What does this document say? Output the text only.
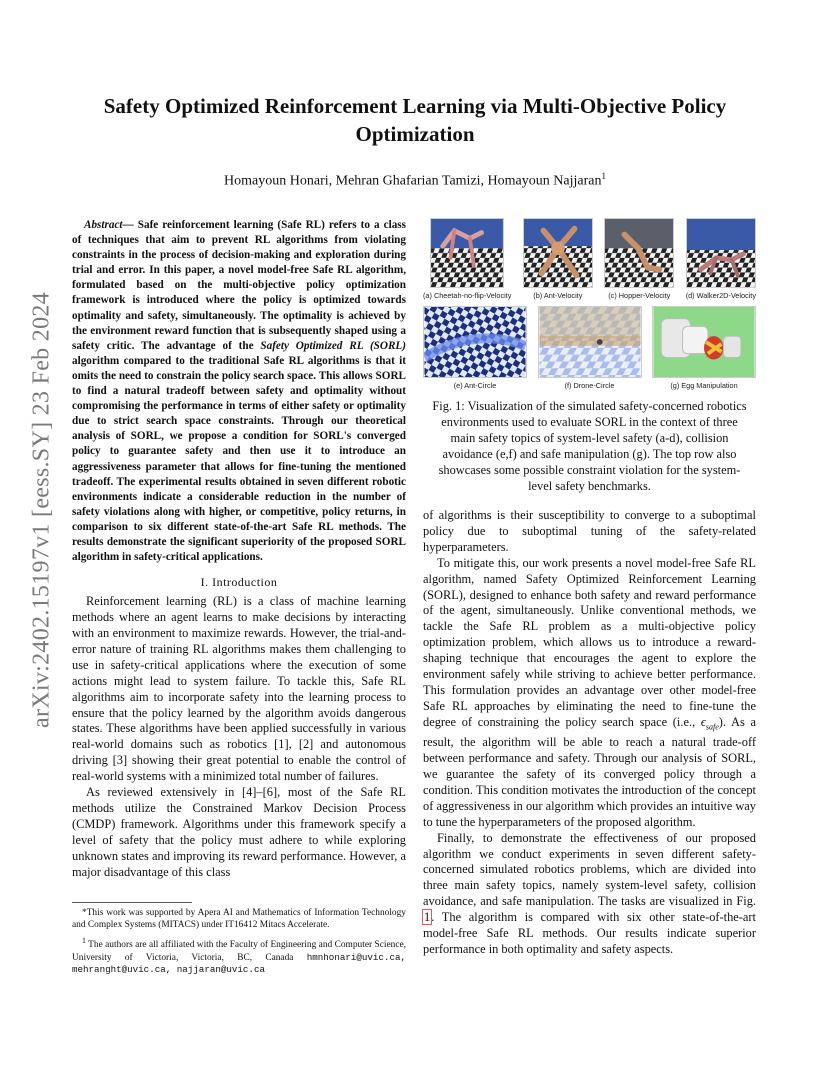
arXiv:2402.15197v1 [eess.SY] 23 Feb 2024
Safety Optimized Reinforcement Learning via Multi-Objective Policy Optimization
Homayoun Honari, Mehran Ghafarian Tamizi, Homayoun Najjaran$^1$

Abstract— Safe reinforcement learning (Safe RL) refers to a class of techniques that aim to prevent RL algorithms from violating constraints in the process of decision-making and exploration during trial and error. In this paper, a novel model-free Safe RL algorithm, formulated based on the multi-objective policy optimization framework is introduced where the policy is optimized towards optimality and safety, simultaneously. The optimality is achieved by the environment reward function that is subsequently shaped using a safety critic. The advantage of the Safety Optimized RL (SORL) algorithm compared to the traditional Safe RL algorithms is that it omits the need to constrain the policy search space. This allows SORL to find a natural tradeoff between safety and optimality without compromising the performance in terms of either safety or optimality due to strict search space constraints. Through our theoretical analysis of SORL, we propose a condition for SORL's converged policy to guarantee safety and then use it to introduce an aggressiveness parameter that allows for fine-tuning the mentioned tradeoff. The experimental results obtained in seven different robotic environments indicate a considerable reduction in the number of safety violations along with higher, or competitive, policy returns, in comparison to six different state-of-the-art Safe RL methods. The results demonstrate the significant superiority of the proposed SORL algorithm in safety-critical applications.

I. Introduction

Reinforcement learning (RL) is a class of machine learning methods where an agent learns to make decisions by interacting with an environment to maximize rewards. However, the trial-and-error nature of training RL algorithms makes them challenging to use in safety-critical applications where the execution of some actions might lead to system failure. To tackle this, Safe RL algorithms aim to incorporate safety into the learning process to ensure that the policy learned by the algorithm avoids dangerous states. These algorithms have been applied successfully in various real-world domains such as robotics [1], [2] and autonomous driving [3] showing their great potential to enable the control of real-world systems with a minimized total number of failures.

As reviewed extensively in [4]–[6], most of the Safe RL methods utilize the Constrained Markov Decision Process (CMDP) framework. Algorithms under this framework specify a level of safety that the policy must adhere to while exploring unknown states and improving its reward performance. However, a major disadvantage of this class

*This work was supported by Apera AI and Mathematics of Information Technology and Complex Systems (MITACS) under IT16412 Mitacs Accelerate.

$^1$ The authors are all affiliated with the Faculty of Engineering and Computer Science, University of Victoria, Victoria, BC, Canada hmnhonari@uvic.ca, mehranght@uvic.ca, najjaran@uvic.ca

(a) Cheetah-no-flip-Velocity	(b) Ant-Velocity	(c) Hopper-Velocity (d) Walker2D-Velocity
(e) Ant-Circle	(f) Drone-Circle	(g) Egg Manipulation
Fig. 1: Visualization of the simulated safety-concerned robotics environments used to evaluate SORL in the context of three main safety topics of system-level safety (a-d), collision avoidance (e,f) and safe manipulation (g). The top row also showcases some possible constraint violation for the system-level safety benchmarks.

of algorithms is their susceptibility to converge to a suboptimal policy due to suboptimal tuning of the safety-related hyperparameters.

To mitigate this, our work presents a novel model-free Safe RL algorithm, named Safety Optimized Reinforcement Learning (SORL), designed to enhance both safety and reward performance of the agent, simultaneously. Unlike conventional methods, we tackle the Safe RL problem as a multi-objective policy optimization problem, which allows us to introduce a reward-shaping technique that encourages the agent to explore the environment safely while striving to achieve better performance. This formulation provides an advantage over other model-free Safe RL approaches by eliminating the need to fine-tune the degree of constraining the policy search space (i.e., $\epsilon_{safe}$). As a result, the algorithm will be able to reach a natural trade-off between performance and safety. Through our analysis of SORL, we guarantee the safety of its converged policy through a condition. This condition motivates the introduction of the concept of aggressiveness in our algorithm which provides an intuitive way to tune the hyperparameters of the proposed algorithm.

Finally, to demonstrate the effectiveness of our proposed algorithm we conduct experiments in seven different safety-concerned simulated robotics problems, which are divided into three main safety topics, namely system-level safety, collision avoidance, and safe manipulation. The tasks are visualized in Fig. 1. The algorithm is compared with six other state-of-the-art model-free Safe RL methods. Our results indicate superior performance in both optimality and safety aspects.
